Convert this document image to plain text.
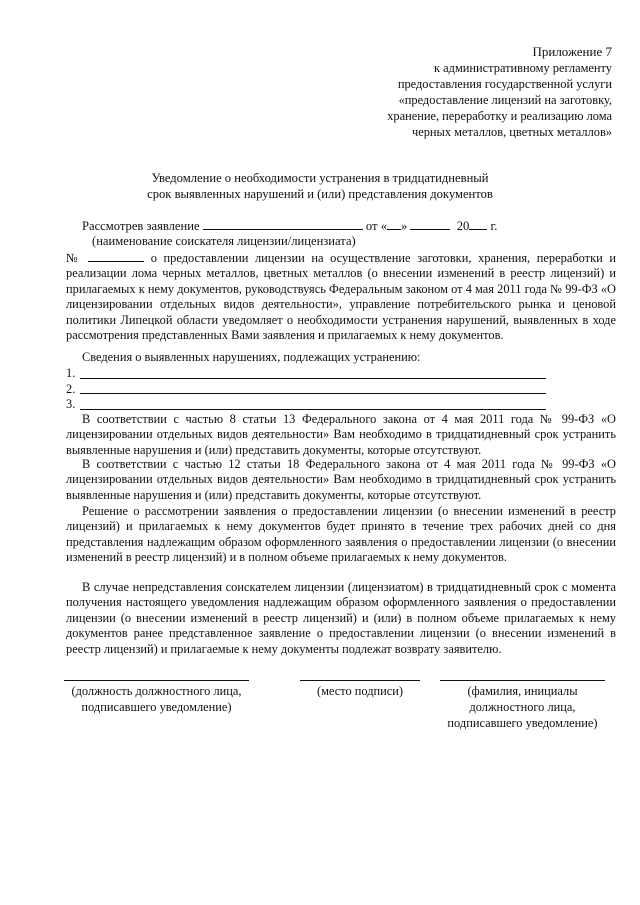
Приложение 7
к административному регламенту
предоставления государственной услуги
«предоставление лицензий на заготовку,
хранение, переработку и реализацию лома
черных металлов, цветных металлов»
Уведомление о необходимости устранения в тридцатидневный
срок выявленных нарушений и (или) представления документов
Рассмотрев заявление	от « »	20 г.
(наименование соискателя лицензии/лицензиата)

№	о предоставлении лицензии на осуществление заготовки, хранения, переработки и реализации лома черных металлов, цветных металлов (о внесении изменений в реестр лицензий) и прилагаемых к нему документов, руководствуясь Федеральным законом от 4 мая 2011 года № 99-ФЗ «О лицензировании отдельных видов деятельности», управление потребительского рынка и ценовой политики Липецкой области уведомляет о необходимости устранения нарушений, выявленных в ходе рассмотрения представленных Вами заявления и прилагаемых к нему документов.

Сведения о выявленных нарушениях, подлежащих устранению:

1.
2.
3.

В соответствии с частью 8 статьи 13 Федерального закона от 4 мая 2011 года № 99-ФЗ «О лицензировании отдельных видов деятельности» Вам необходимо в тридцатидневный срок устранить выявленные нарушения и (или) представить документы, которые отсутствуют.

В соответствии с частью 12 статьи 18 Федерального закона от 4 мая 2011 года № 99-ФЗ «О лицензировании отдельных видов деятельности» Вам необходимо в тридцатидневный срок устранить выявленные нарушения и (или) представить документы, которые отсутствуют.

Решение о рассмотрении заявления о предоставлении лицензии (о внесении изменений в реестр лицензий) и прилагаемых к нему документов будет принято в течение трех рабочих дней со дня представления надлежащим образом оформленного заявления о предоставлении лицензии (о внесении изменений в реестр лицензий) и в полном объеме прилагаемых к нему документов.

В случае непредставления соискателем лицензии (лицензиатом) в тридцатидневный срок с момента получения настоящего уведомления надлежащим образом оформленного заявления о предоставлении лицензии (о внесении изменений в реестр лицензий) и (или) в полном объеме прилагаемых к нему документов ранее представленное заявление о предоставлении лицензии (о внесении изменений в реестр лицензий) и прилагаемые к нему документы подлежат возврату заявителю.

(должность должностного лица,
подписавшего уведомление)
(место подписи)	(фамилия, инициалы
должностного лица,
подписавшего уведомление)
